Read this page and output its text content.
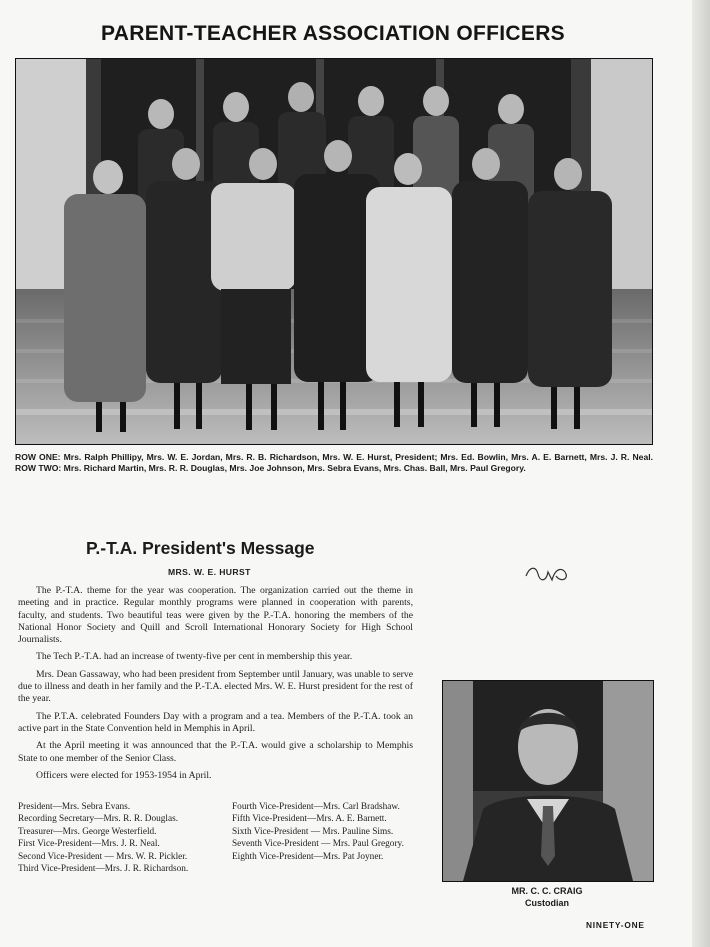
PARENT-TEACHER ASSOCIATION OFFICERS
ROW ONE: Mrs. Ralph Phillipy, Mrs. W. E. Jordan, Mrs. R. B. Richardson, Mrs. W. E. Hurst, President; Mrs. Ed. Bowlin, Mrs. A. E. Barnett, Mrs. J. R. Neal. ROW TWO: Mrs. Richard Martin, Mrs. R. R. Douglas, Mrs. Joe Johnson, Mrs. Sebra Evans, Mrs. Chas. Ball, Mrs. Paul Gregory.
P.-T.A. President's Message
MRS. W. E. HURST

The P.-T.A. theme for the year was cooperation. The organization carried out the theme in meeting and in practice. Regular monthly programs were planned in cooperation with parents, faculty, and students. Two beautiful teas were given by the P.-T.A. honoring the members of the National Honor Society and Quill and Scroll International Honorary Society for High School Journalists.

The Tech P.-T.A. had an increase of twenty-five per cent in membership this year.

Mrs. Dean Gassaway, who had been president from September until January, was unable to serve due to illness and death in her family and the P.-T.A. elected Mrs. W. E. Hurst president for the rest of the year.

The P.T.A. celebrated Founders Day with a program and a tea. Members of the P.-T.A. took an active part in the State Convention held in Memphis in April.

At the April meeting it was announced that the P.-T.A. would give a scholarship to Memphis State to one member of the Senior Class.

Officers were elected for 1953-1954 in April.

President—Mrs. Sebra Evans.
Recording Secretary—Mrs. R. R. Douglas.
Treasurer—Mrs. George Westerfield.
First Vice-President—Mrs. J. R. Neal.
Second Vice-President — Mrs. W. R. Pickler.
Third Vice-President—Mrs. J. R. Richardson.
Fourth Vice-President—Mrs. Carl Bradshaw.
Fifth Vice-President—Mrs. A. E. Barnett.
Sixth Vice-President — Mrs. Pauline Sims.
Seventh Vice-President — Mrs. Paul Gregory.
Eighth Vice-President—Mrs. Pat Joyner.
MR. C. C. CRAIG
Custodian
NINETY-ONE
